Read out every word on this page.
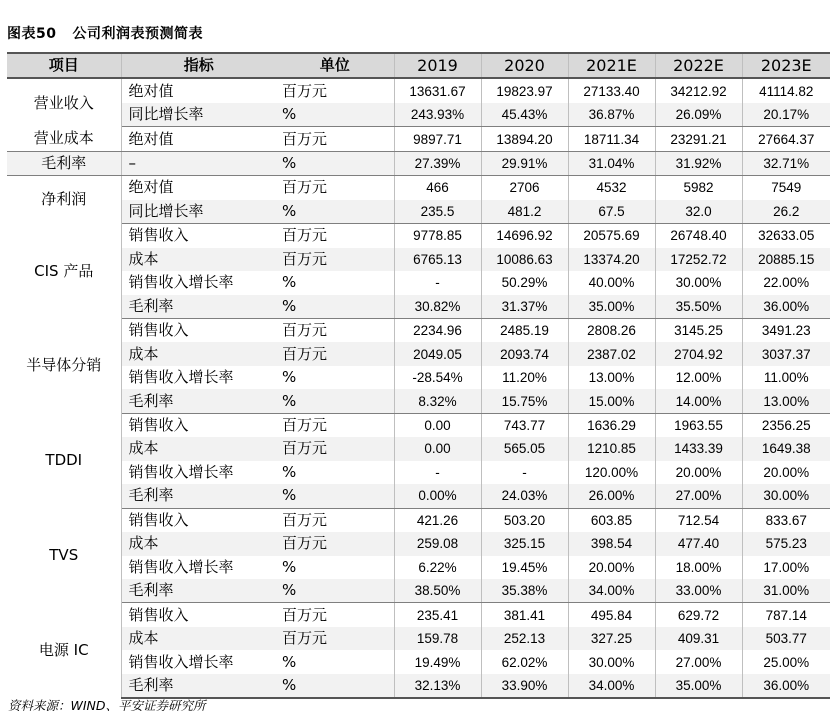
图表50 公司利润表预测简表
项目	指标	单位	2019	2020	2021E	2022E	2023E
营业收入	绝对值	百万元	13631.67	19823.97	27133.40	34212.92	41114.82
	同比增长率	%	243.93%	45.43%	36.87%	26.09%	20.17%
营业成本	绝对值	百万元	9897.71	13894.20	18711.34	23291.21	27664.37
毛利率	–	%	27.39%	29.91%	31.04%	31.92%	32.71%
净利润	绝对值	百万元	466	2706	4532	5982	7549
	同比增长率	%	235.5	481.2	67.5	32.0	26.2
CIS 产品	销售收入	百万元	9778.85	14696.92	20575.69	26748.40	32633.05
	成本	百万元	6765.13	10086.63	13374.20	17252.72	20885.15
	销售收入增长率	%	-	50.29%	40.00%	30.00%	22.00%
	毛利率	%	30.82%	31.37%	35.00%	35.50%	36.00%
半导体分销	销售收入	百万元	2234.96	2485.19	2808.26	3145.25	3491.23
	成本	百万元	2049.05	2093.74	2387.02	2704.92	3037.37
	销售收入增长率	%	-28.54%	11.20%	13.00%	12.00%	11.00%
	毛利率	%	8.32%	15.75%	15.00%	14.00%	13.00%
TDDI	销售收入	百万元	0.00	743.77	1636.29	1963.55	2356.25
	成本	百万元	0.00	565.05	1210.85	1433.39	1649.38
	销售收入增长率	%	-	-	120.00%	20.00%	20.00%
	毛利率	%	0.00%	24.03%	26.00%	27.00%	30.00%
TVS	销售收入	百万元	421.26	503.20	603.85	712.54	833.67
	成本	百万元	259.08	325.15	398.54	477.40	575.23
	销售收入增长率	%	6.22%	19.45%	20.00%	18.00%	17.00%
	毛利率	%	38.50%	35.38%	34.00%	33.00%	31.00%
电源 IC	销售收入	百万元	235.41	381.41	495.84	629.72	787.14
	成本	百万元	159.78	252.13	327.25	409.31	503.77
	销售收入增长率	%	19.49%	62.02%	30.00%	27.00%	25.00%
	毛利率	%	32.13%	33.90%	34.00%	35.00%	36.00%
资料来源：WIND、平安证券研究所
